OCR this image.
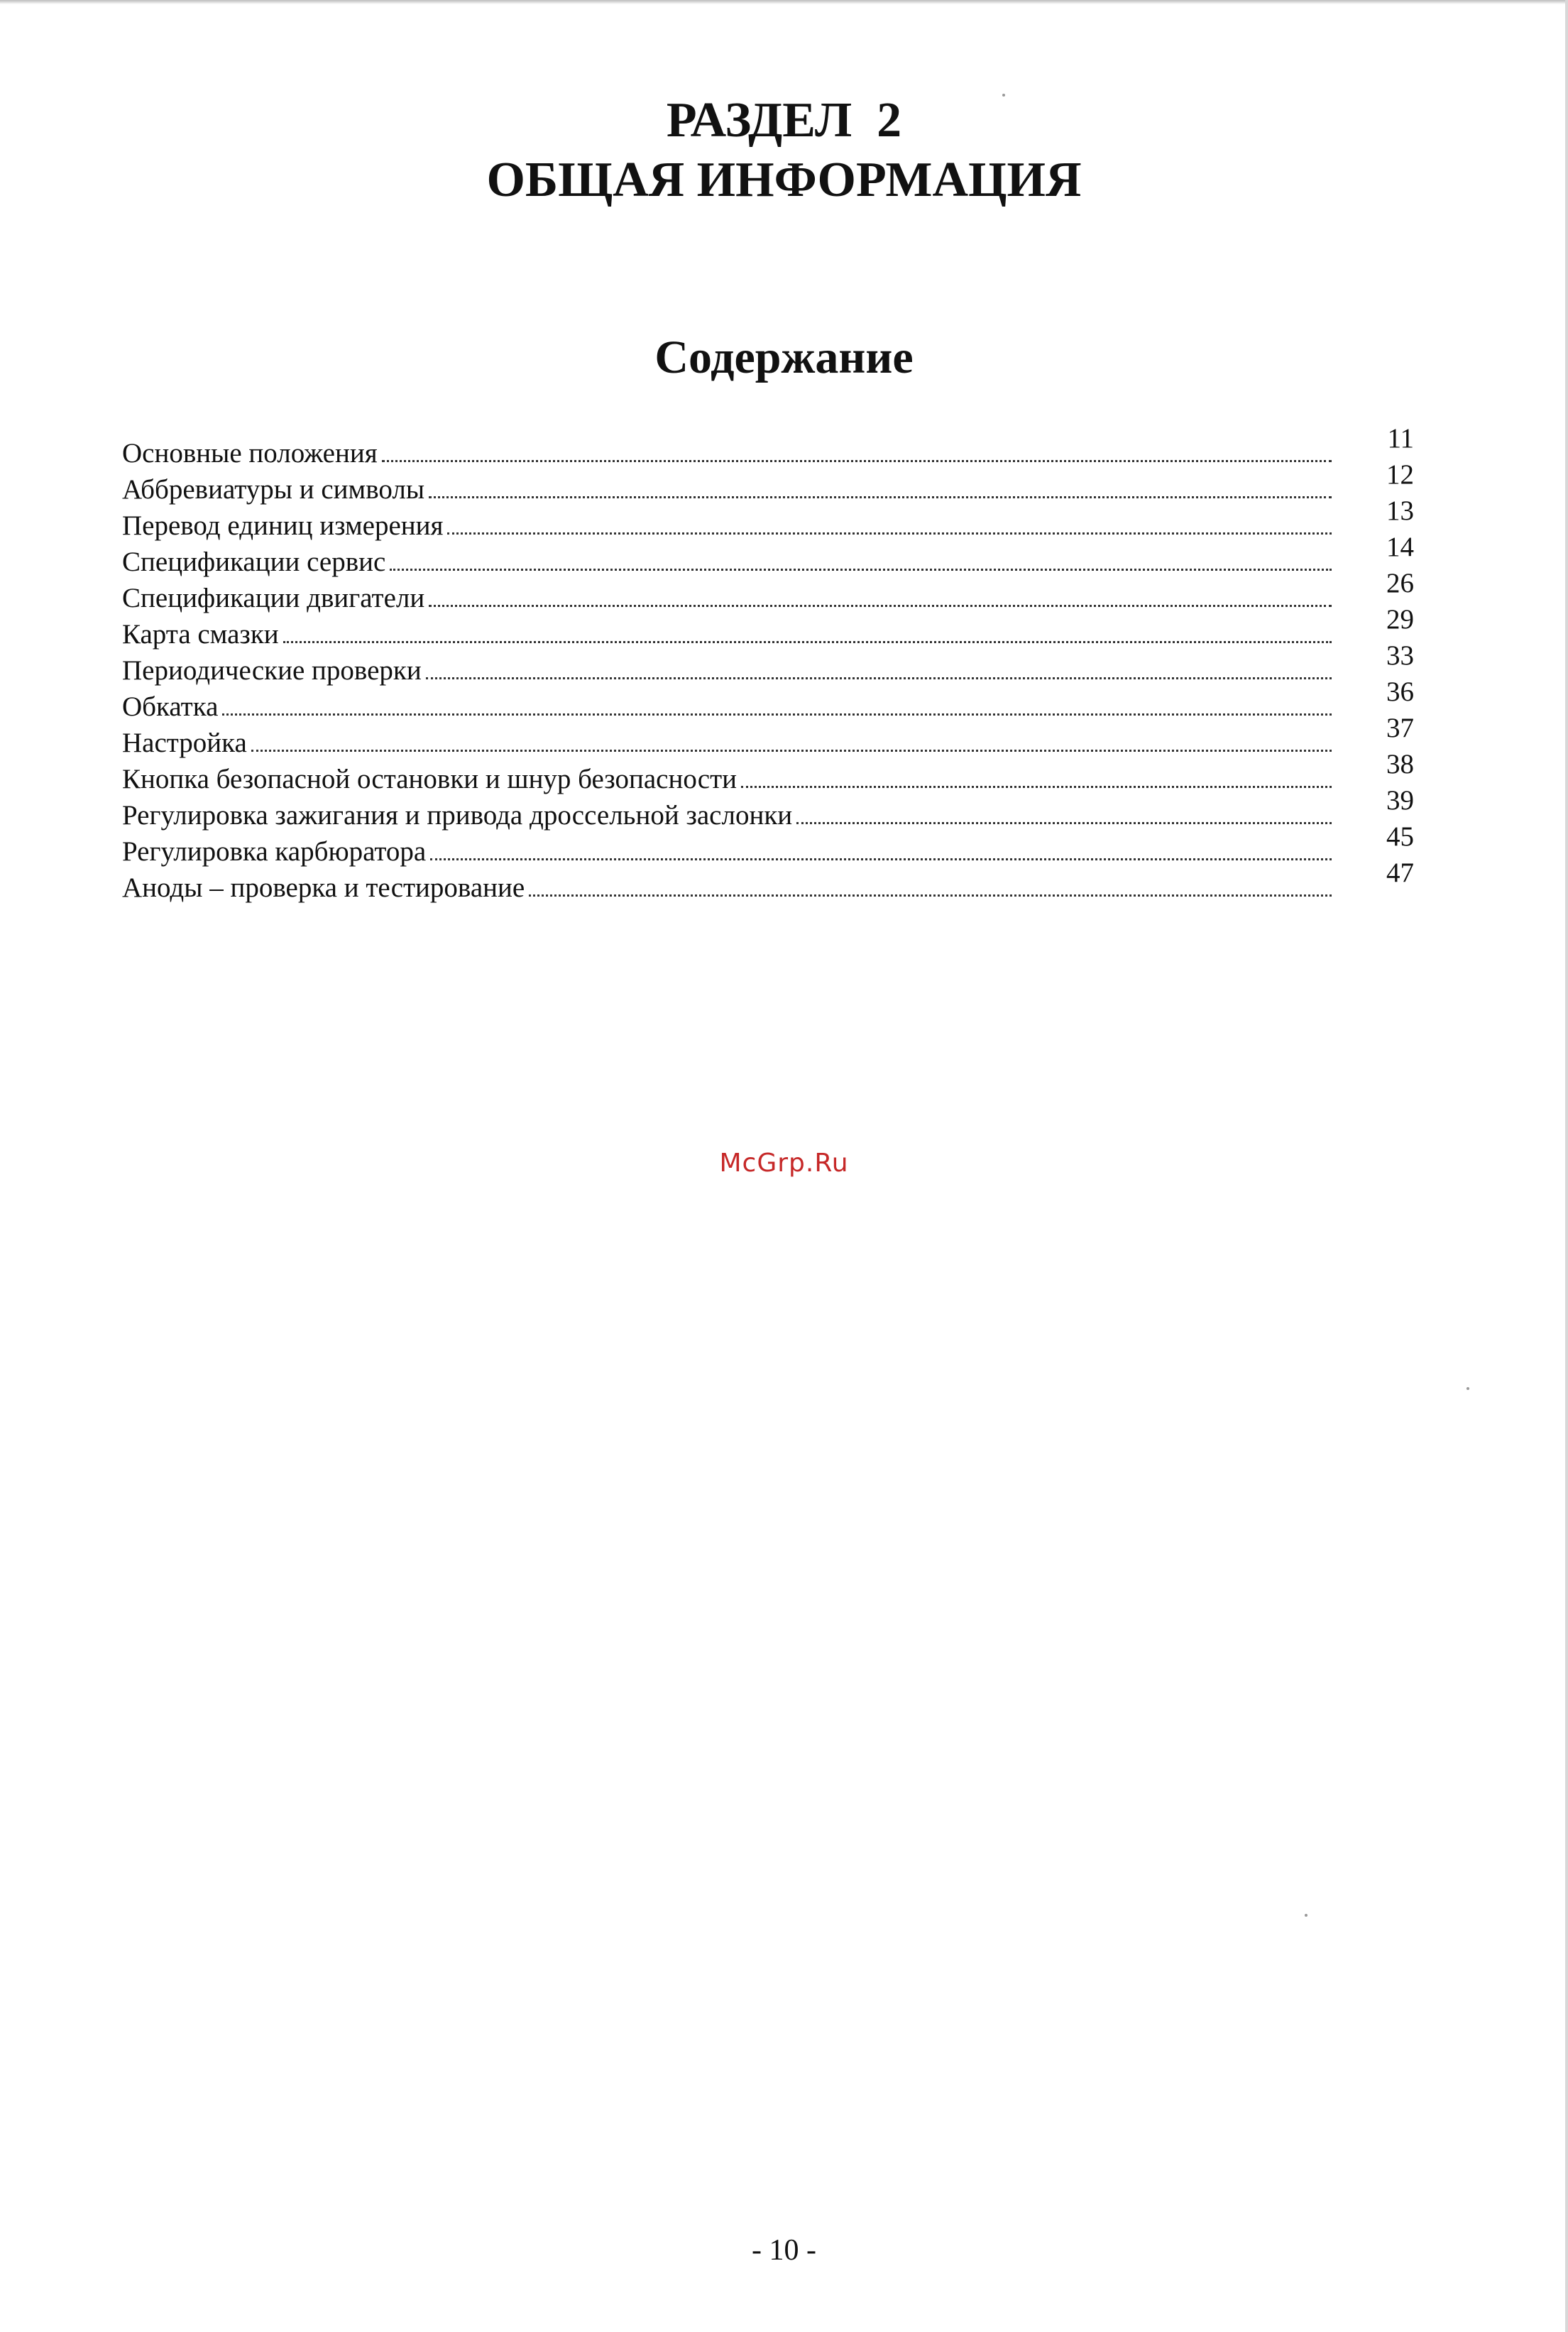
РАЗДЕЛ  2
ОБЩАЯ ИНФОРМАЦИЯ
Содержание
Основные положения	11
Аббревиатуры и символы	12
Перевод единиц измерения	13
Спецификации сервис	14
Спецификации двигатели	26
Карта смазки	29
Периодические проверки	33
Обкатка	36
Настройка	37
Кнопка безопасной остановки и шнур безопасности	38
Регулировка зажигания и привода дроссельной заслонки	39
Регулировка карбюратора	45
Аноды – проверка и тестирование	47
McGrp.Ru
- 10 -
